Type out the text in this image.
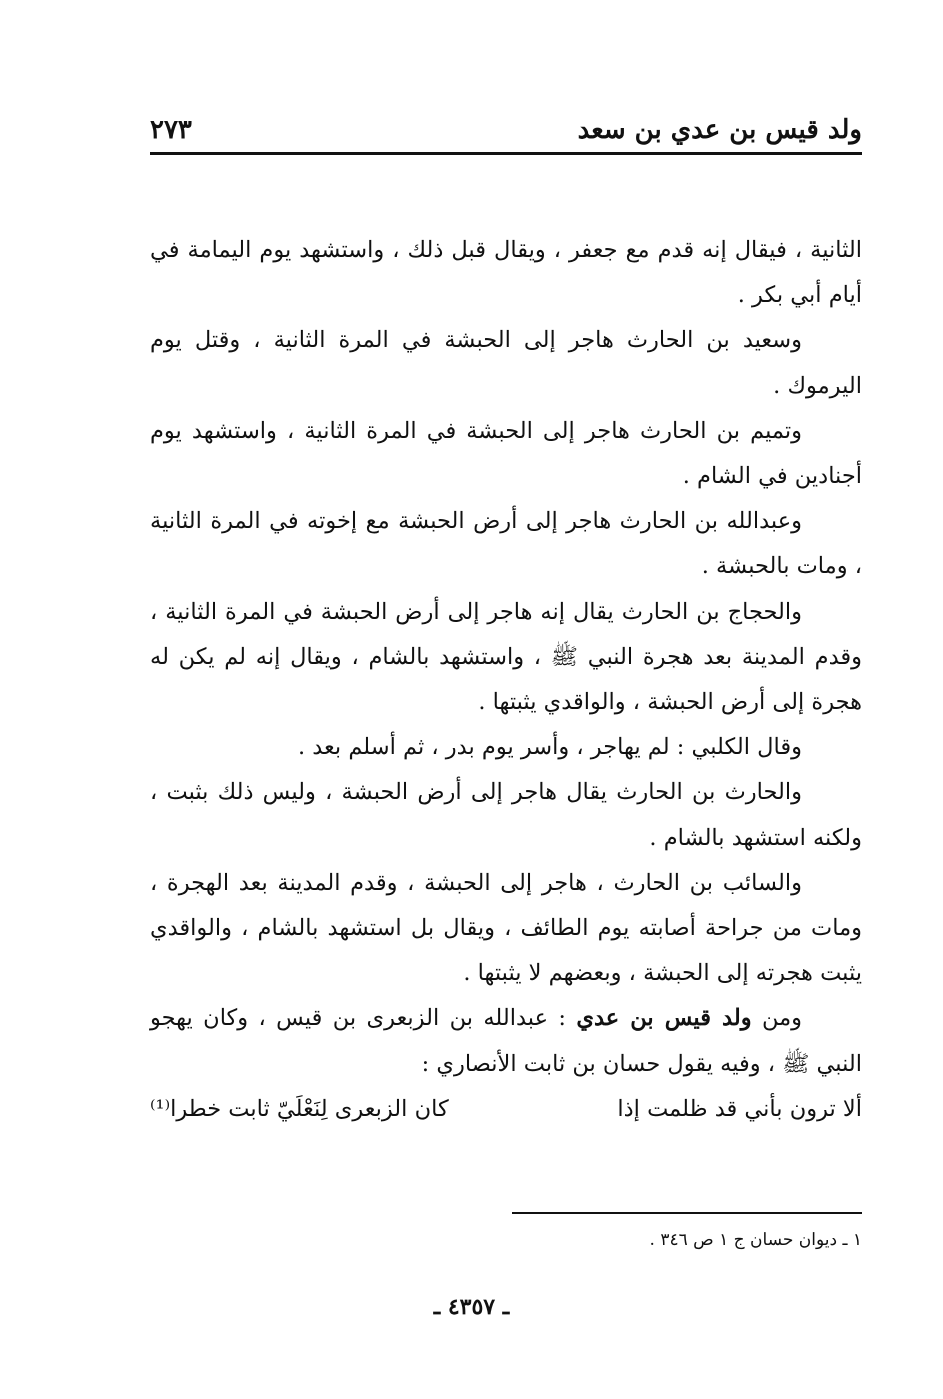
ولد قيس بن عدي بن سعد
٢٧٣

الثانية ، فيقال إنه قدم مع جعفر ، ويقال قبل ذلك ، واستشهد يوم اليمامة في أيام أبي بكر .

وسعيد بن الحارث هاجر إلى الحبشة في المرة الثانية ، وقتل يوم اليرموك .

وتميم بن الحارث هاجر إلى الحبشة في المرة الثانية ، واستشهد يوم أجنادين في الشام .

وعبدالله بن الحارث هاجر إلى أرض الحبشة مع إخوته في المرة الثانية ، ومات بالحبشة .

والحجاج بن الحارث يقال إنه هاجر إلى أرض الحبشة في المرة الثانية ، وقدم المدينة بعد هجرة النبي ﷺ ، واستشهد بالشام ، ويقال إنه لم يكن له هجرة إلى أرض الحبشة ، والواقدي يثبتها .

وقال الكلبي : لم يهاجر ، وأسر يوم بدر ، ثم أسلم بعد .

والحارث بن الحارث يقال هاجر إلى أرض الحبشة ، وليس ذلك بثبت ، ولكنه استشهد بالشام .

والسائب بن الحارث ، هاجر إلى الحبشة ، وقدم المدينة بعد الهجرة ، ومات من جراحة أصابته يوم الطائف ، ويقال بل استشهد بالشام ، والواقدي يثبت هجرته إلى الحبشة ، وبعضهم لا يثبتها .

ومن ولد قيس بن عدي : عبدالله بن الزبعرى بن قيس ، وكان يهجو النبي ﷺ ، وفيه يقول حسان بن ثابت الأنصاري :

ألا ترون بأني قد ظلمت إذا
كان الزبعرى لِنَعْلَيّ ثابت خطرا⁽¹⁾
١ ـ ديوان حسان ج ١ ص ٣٤٦ .
ـ ٤٣٥٧ ـ
